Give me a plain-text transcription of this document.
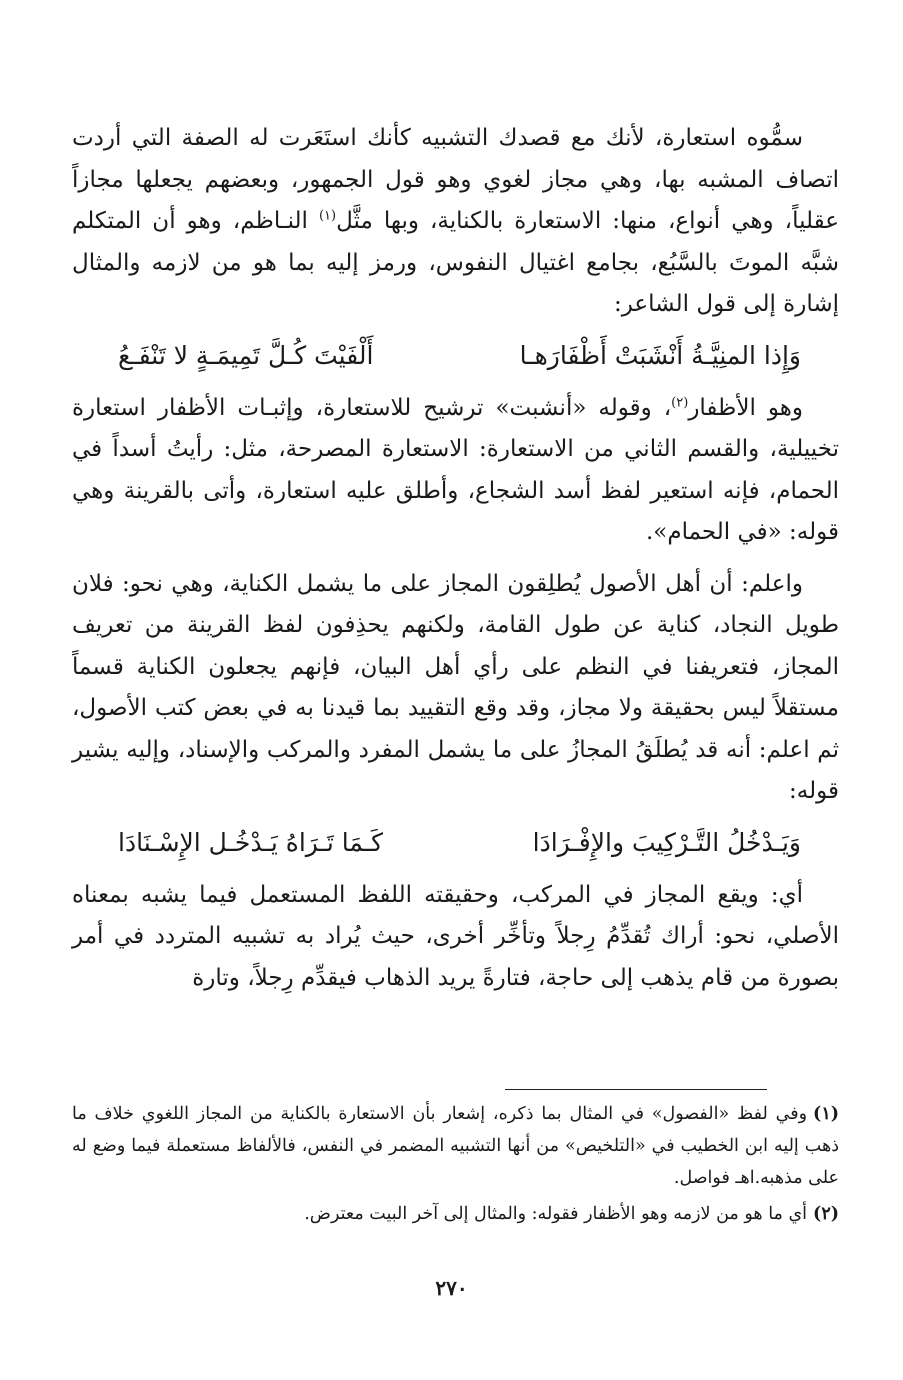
سمُّوه استعارة، لأنك مع قصدك التشبيه كأنك استَعَرت له الصفة التي أردت اتصاف المشبه بها، وهي مجاز لغوي وهو قول الجمهور، وبعضهم يجعلها مجازاً عقلياً، وهي أنواع، منها: الاستعارة بالكناية، وبها مثَّل$^{(١)}$ النـاظم، وهو أن المتكلم شبَّه الموتَ بالسَّبُع، بجامع اغتيال النفوس، ورمز إليه بما هو من لازمه والمثال إشارة إلى قول الشاعر:

وَإِذا المنِيَّـةُ أَنْشَبَتْ أَظْفَارَهـا
أَلْفَيْتَ كُـلَّ تَمِيمَـةٍ لا تَنْفَـعُ

وهو الأظفار$^{(٢)}$، وقوله «أنشبت» ترشيح للاستعارة، وإثبـات الأظفار استعارة تخييلية، والقسم الثاني من الاستعارة: الاستعارة المصرحة، مثل: رأيتُ أسداً في الحمام، فإنه استعير لفظ أسد الشجاع، وأطلق عليه استعارة، وأتى بالقرينة وهي قوله: «في الحمام».

واعلم: أن أهل الأصول يُطلِقون المجاز على ما يشمل الكناية، وهي نحو: فلان طويل النجاد، كناية عن طول القامة، ولكنهم يحذِفون لفظ القرينة من تعريف المجاز، فتعريفنا في النظم على رأي أهل البيان، فإنهم يجعلون الكناية قسماً مستقلاً ليس بحقيقة ولا مجاز، وقد وقع التقييد بما قيدنا به في بعض كتب الأصول، ثم اعلم: أنه قد يُطلَقُ المجازُ على ما يشمل المفرد والمركب والإسناد، وإليه يشير قوله:

وَيَـدْخُلُ التَّـرْكِيبَ والإِفْـرَادَا
كَـمَا تَـرَاهُ يَـدْخُـل الإِسْـنَادَا

أي: ويقع المجاز في المركب، وحقيقته اللفظ المستعمل فيما يشبه بمعناه الأصلي، نحو: أراك تُقدِّمُ رِجلاً وتأخِّر أخرى، حيث يُراد به تشبيه المتردد في أمر بصورة من قام يذهب إلى حاجة، فتارةً يريد الذهاب فيقدِّم رِجلاً، وتارة

(١)وفي لفظ «الفصول» في المثال بما ذكره، إشعار بأن الاستعارة بالكناية من المجاز اللغوي خلاف ما ذهب إليه ابن الخطيب في «التلخيص» من أنها التشبيه المضمر في النفس، فالألفاظ مستعملة فيما وضع له على مذهبه.اهـ فواصل.

(٢)أي ما هو من لازمه وهو الأظفار فقوله: والمثال إلى آخر البيت معترض.

٢٧٠
